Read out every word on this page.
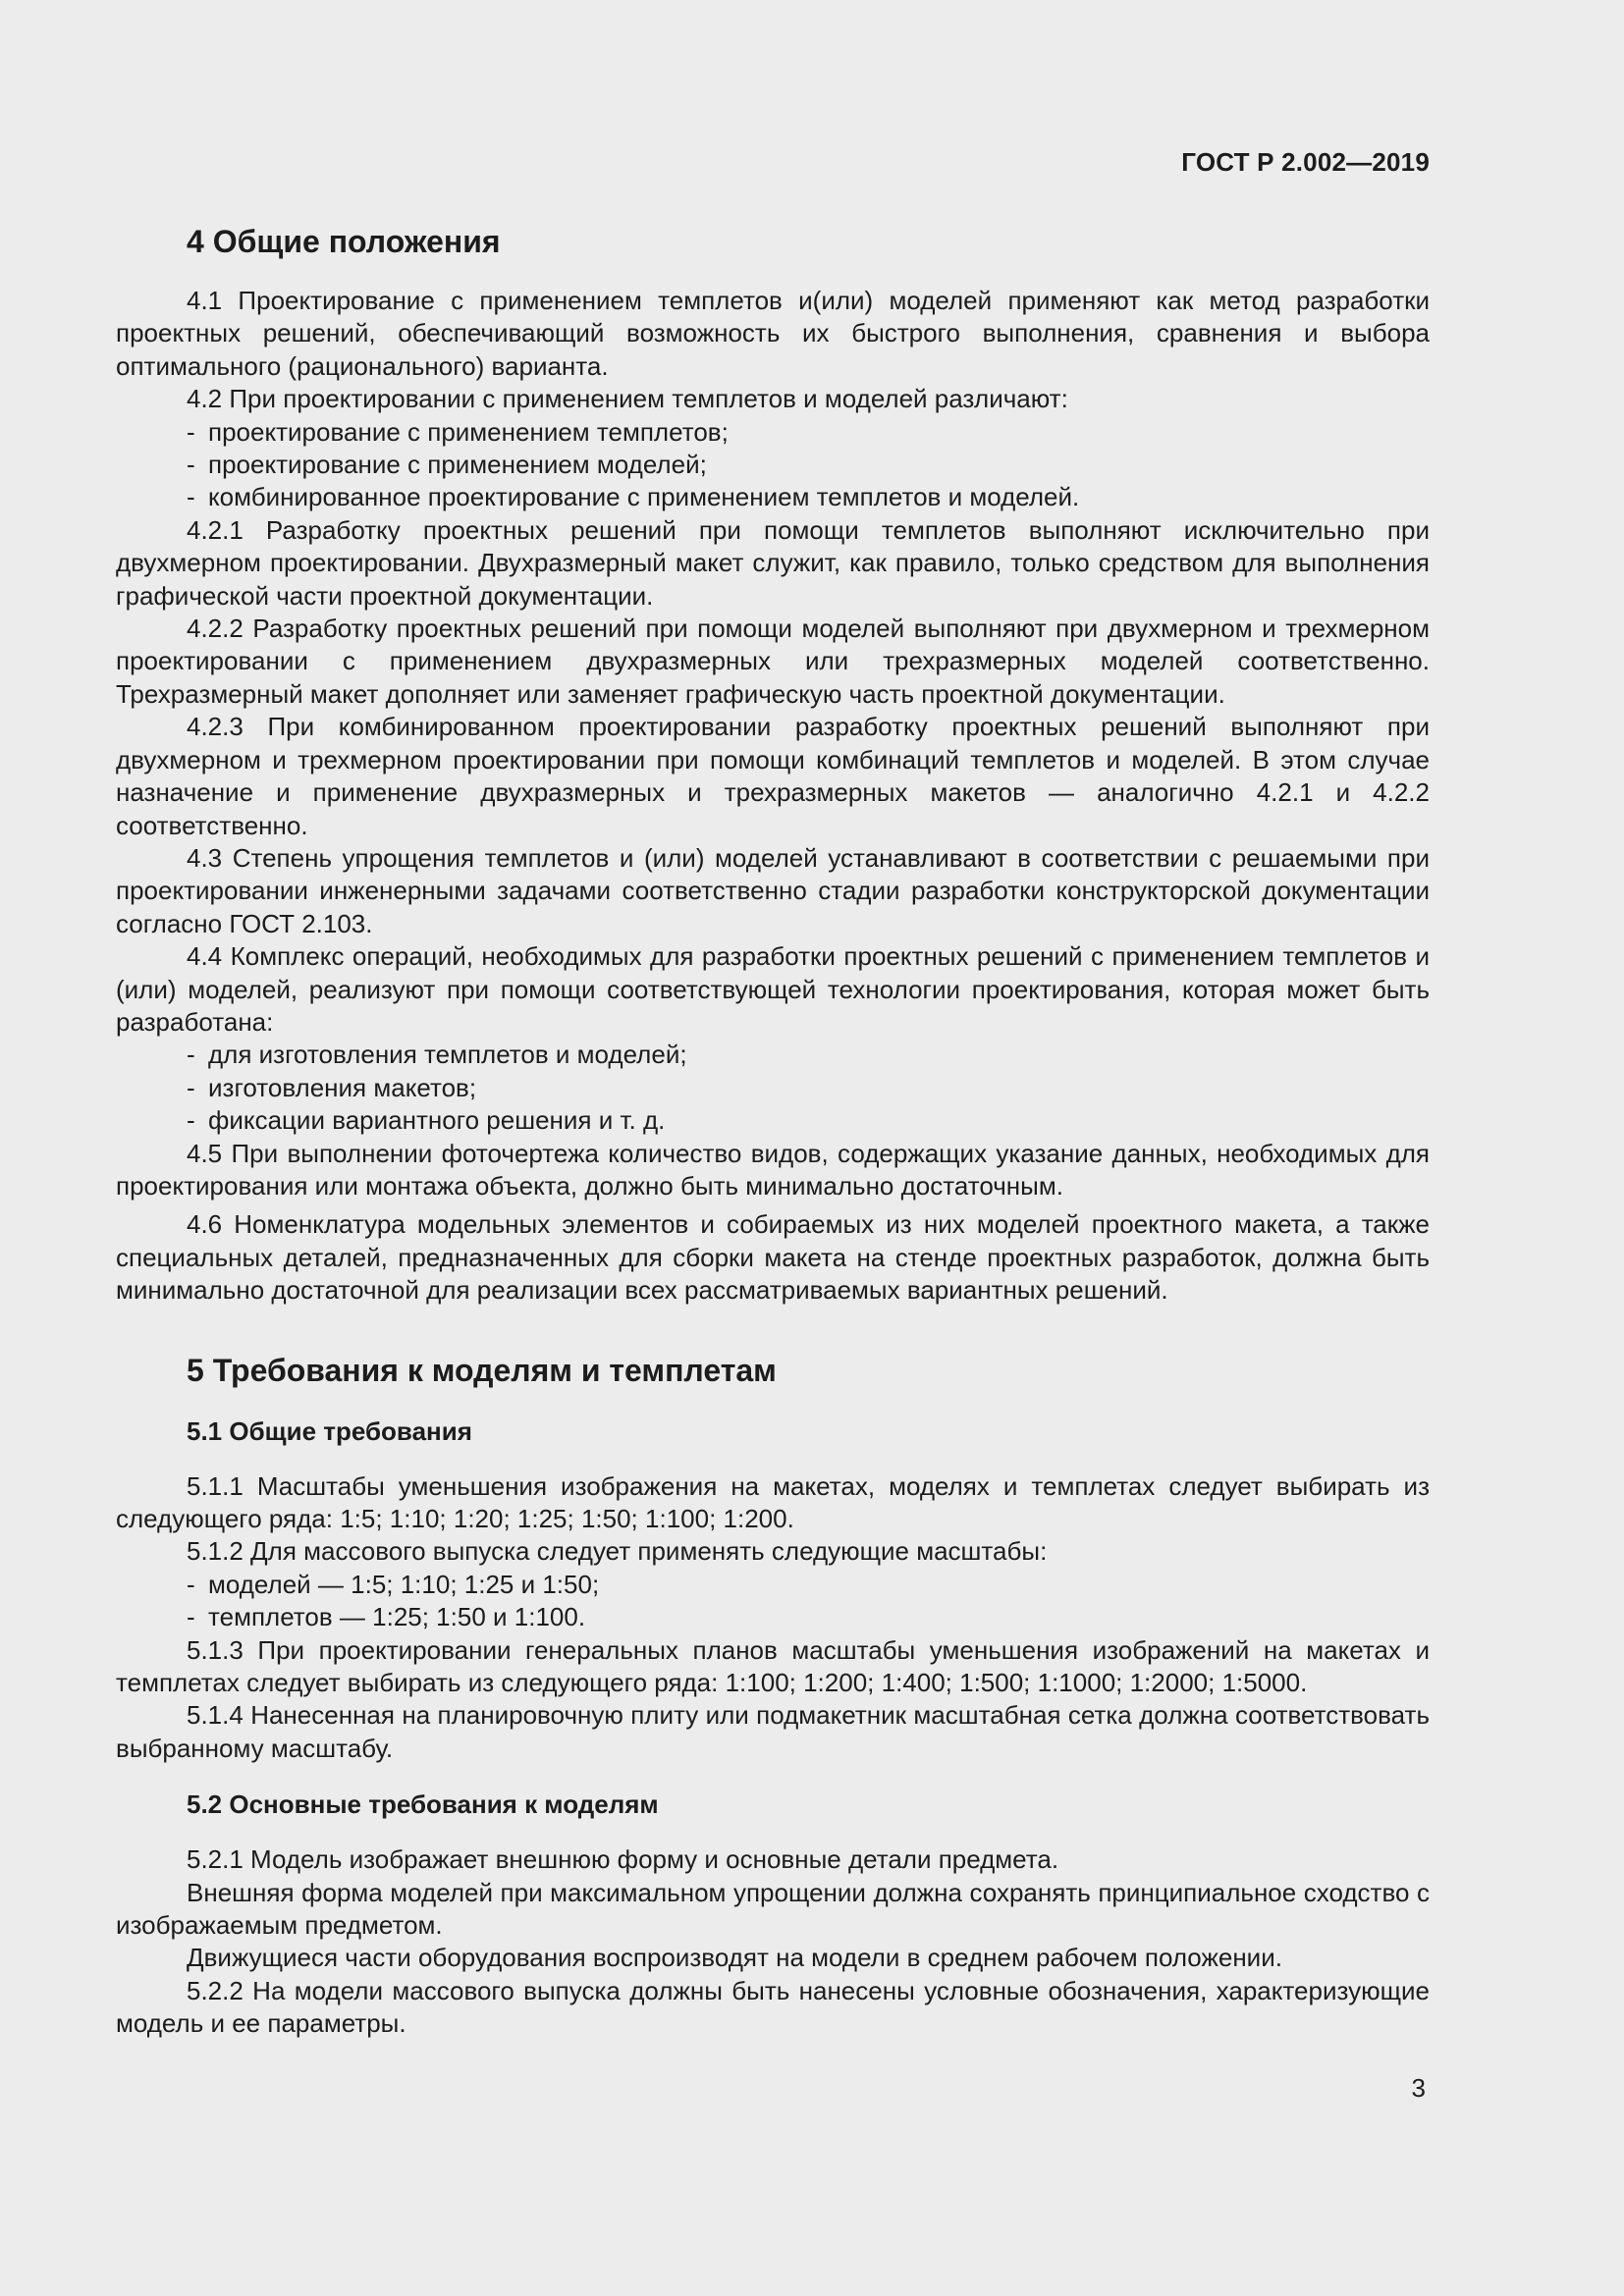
ГОСТ Р 2.002—2019
4 Общие положения

4.1 Проектирование с применением темплетов и(или) моделей применяют как метод разработки проектных решений, обеспечивающий возможность их быстрого выполнения, сравнения и выбора оптимального (рационального) варианта.

4.2 При проектировании с применением темплетов и моделей различают:

- проектирование с применением темплетов;
- проектирование с применением моделей;
- комбинированное проектирование с применением темплетов и моделей.

4.2.1 Разработку проектных решений при помощи темплетов выполняют исключительно при двухмерном проектировании. Двухразмерный макет служит, как правило, только средством для выполнения графической части проектной документации.

4.2.2 Разработку проектных решений при помощи моделей выполняют при двухмерном и трехмерном проектировании с применением двухразмерных или трехразмерных моделей соответственно. Трехразмерный макет дополняет или заменяет графическую часть проектной документации.

4.2.3 При комбинированном проектировании разработку проектных решений выполняют при двухмерном и трехмерном проектировании при помощи комбинаций темплетов и моделей. В этом случае назначение и применение двухразмерных и трехразмерных макетов — аналогично 4.2.1 и 4.2.2 соответственно.

4.3 Степень упрощения темплетов и (или) моделей устанавливают в соответствии с решаемыми при проектировании инженерными задачами соответственно стадии разработки конструкторской документации согласно ГОСТ 2.103.

4.4 Комплекс операций, необходимых для разработки проектных решений с применением темплетов и (или) моделей, реализуют при помощи соответствующей технологии проектирования, которая может быть разработана:

- для изготовления темплетов и моделей;
- изготовления макетов;
- фиксации вариантного решения и т. д.

4.5 При выполнении фоточертежа количество видов, содержащих указание данных, необходимых для проектирования или монтажа объекта, должно быть минимально достаточным.

4.6 Номенклатура модельных элементов и собираемых из них моделей проектного макета, а также специальных деталей, предназначенных для сборки макета на стенде проектных разработок, должна быть минимально достаточной для реализации всех рассматриваемых вариантных решений.

5 Требования к моделям и темплетам
5.1 Общие требования

5.1.1 Масштабы уменьшения изображения на макетах, моделях и темплетах следует выбирать из следующего ряда: 1:5; 1:10; 1:20; 1:25; 1:50; 1:100; 1:200.

5.1.2 Для массового выпуска следует применять следующие масштабы:

- моделей — 1:5; 1:10; 1:25 и 1:50;
- темплетов — 1:25; 1:50 и 1:100.

5.1.3 При проектировании генеральных планов масштабы уменьшения изображений на макетах и темплетах следует выбирать из следующего ряда: 1:100; 1:200; 1:400; 1:500; 1:1000; 1:2000; 1:5000.

5.1.4 Нанесенная на планировочную плиту или подмакетник масштабная сетка должна соответствовать выбранному масштабу.

5.2 Основные требования к моделям

5.2.1 Модель изображает внешнюю форму и основные детали предмета.

Внешняя форма моделей при максимальном упрощении должна сохранять принципиальное сходство с изображаемым предметом.

Движущиеся части оборудования воспроизводят на модели в среднем рабочем положении.

5.2.2 На модели массового выпуска должны быть нанесены условные обозначения, характеризующие модель и ее параметры.

3
